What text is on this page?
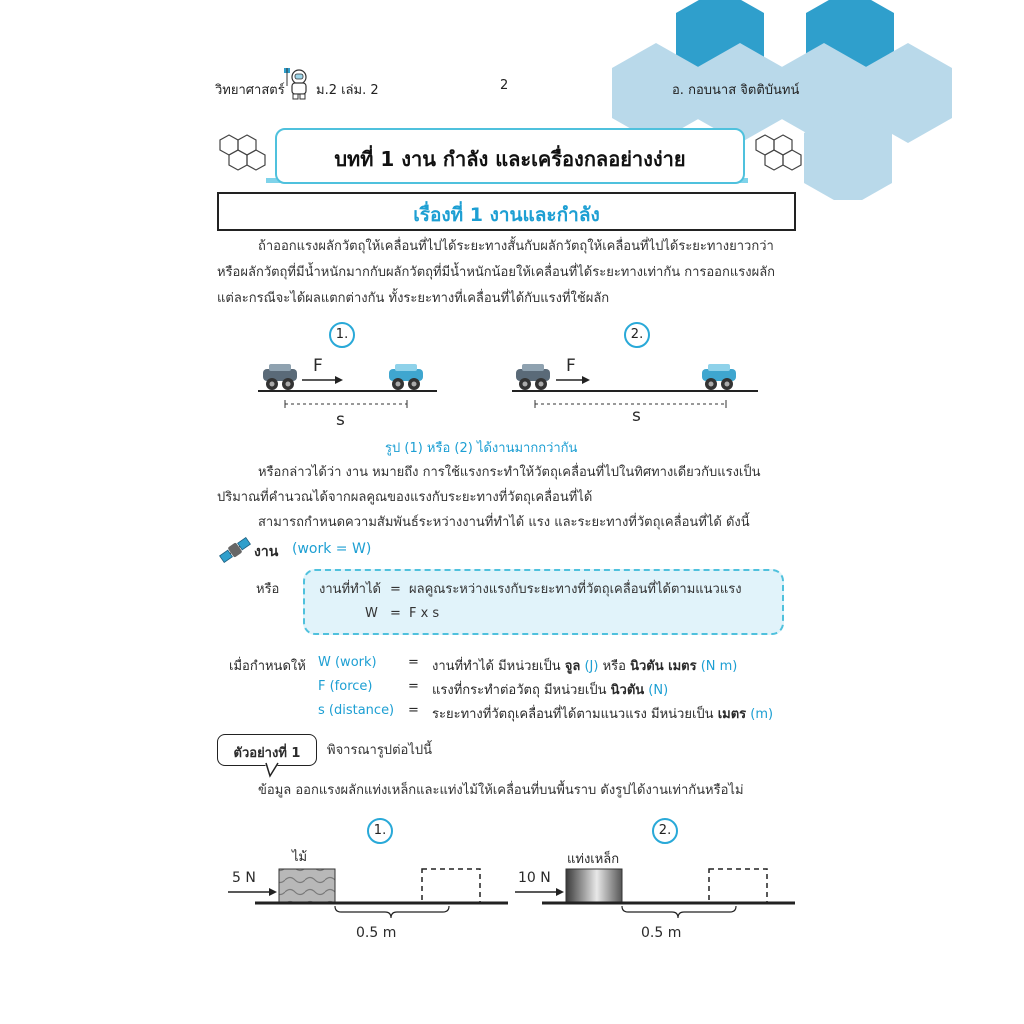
วิทยาศาสตร์ ม.2 เล่ม. 2	2	อ. กอบนาส จิตติบันทน์
บทที่ 1 งาน กำลัง และเครื่องกลอย่างง่าย
เรื่องที่ 1 งานและกำลัง
ถ้าออกแรงผลักวัตถุให้เคลื่อนที่ไปได้ระยะทางสั้นกับผลักวัตถุให้เคลื่อนที่ไปได้ระยะทางยาวกว่า
หรือผลักวัตถุที่มีน้ำหนักมากกับผลักวัตถุที่มีน้ำหนักน้อยให้เคลื่อนที่ได้ระยะทางเท่ากัน การออกแรงผลัก
แต่ละกรณีจะได้ผลแตกต่างกัน ทั้งระยะทางที่เคลื่อนที่ได้กับแรงที่ใช้ผลัก
1.	2.
F
s
F
s
รูป (1) หรือ (2) ได้งานมากกว่ากัน
หรือกล่าวได้ว่า งาน หมายถึง การใช้แรงกระทำให้วัตถุเคลื่อนที่ไปในทิศทางเดียวกับแรงเป็น
ปริมาณที่คำนวณได้จากผลคูณของแรงกับระยะทางที่วัตถุเคลื่อนที่ได้
สามารถกำหนดความสัมพันธ์ระหว่างงานที่ทำได้ แรง และระยะทางที่วัตถุเคลื่อนที่ได้ ดังนี้
งาน (work = W)
หรือ	งานที่ทำได้ = ผลคูณระหว่างแรงกับระยะทางที่วัตถุเคลื่อนที่ได้ตามแนวแรง
W = F x s
เมื่อกำหนดให้ W (work) = งานที่ทำได้ มีหน่วยเป็น จูล (J) หรือ นิวตัน เมตร (N m)
F (force)	= แรงที่กระทำต่อวัตถุ มีหน่วยเป็น นิวตัน (N)
s (distance) = ระยะทางที่วัตถุเคลื่อนที่ได้ตามแนวแรง มีหน่วยเป็น เมตร (m)
ตัวอย่างที่ 1	พิจารณารูปต่อไปนี้
ข้อมูล ออกแรงผลักแท่งเหล็กและแท่งไม้ให้เคลื่อนที่บนพื้นราบ ดังรูปได้งานเท่ากันหรือไม่
1.	2.
ไม้	แท่งเหล็ก
5 N	10 N
0.5 m	0.5 m
